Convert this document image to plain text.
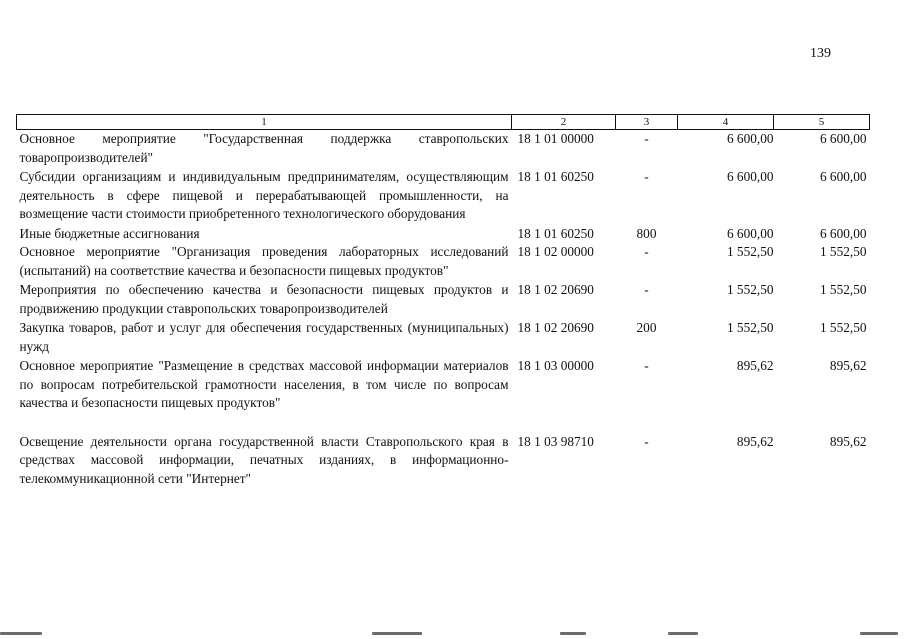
139
1	2	3	4	5
Основное мероприятие "Государственная поддержка ставропольских товаропроизводителей"	18 1 01 00000	-	6 600,00	6 600,00
Субсидии организациям и индивидуальным предпринимателям, осуществляющим деятельность в сфере пищевой и перерабатывающей промышленности, на возмещение части стоимости приобретенного технологического оборудования	18 1 01 60250	-	6 600,00	6 600,00
Иные бюджетные ассигнования	18 1 01 60250	800	6 600,00	6 600,00
Основное мероприятие "Организация проведения лабораторных исследований (испытаний) на соответствие качества и безопасности пищевых продуктов"	18 1 02 00000	-	1 552,50	1 552,50
Мероприятия по обеспечению качества и безопасности пищевых продуктов и продвижению продукции ставропольских товаропроизводителей	18 1 02 20690	-	1 552,50	1 552,50
Закупка товаров, работ и услуг для обеспечения государственных (муниципальных) нужд	18 1 02 20690	200	1 552,50	1 552,50
Основное мероприятие "Размещение в средствах массовой информации материалов по вопросам потребительской грамотности населения, в том числе по вопросам качества и безопасности пищевых продуктов"	18 1 03 00000	-	895,62	895,62

Освещение деятельности органа государственной власти Ставропольского края в средствах массовой информации, печатных изданиях, в информационно-телекоммуникационной сети "Интернет"	18 1 03 98710	-	895,62	895,62
